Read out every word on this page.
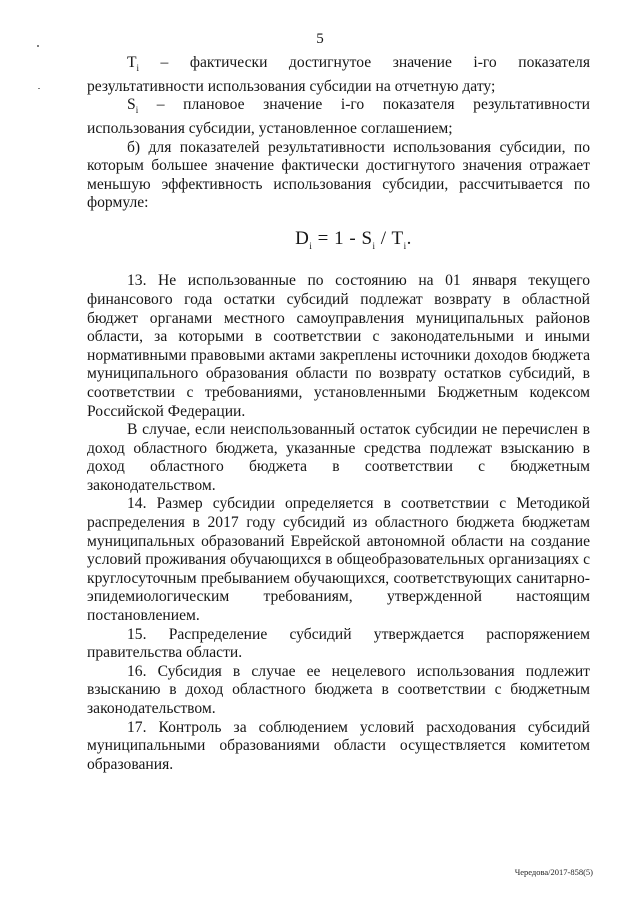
5

$T_i$ – фактически достигнутое значение i-го показателя результативности использования субсидии на отчетную дату;

$S_i$ – плановое значение i-го показателя результативности использования субсидии, установленное соглашением;

б) для показателей результативности использования субсидии, по которым большее значение фактически достигнутого значения отражает меньшую эффективность использования субсидии, рассчитывается по формуле:

$D_i = 1 - S_i / T_i$.

13. Не использованные по состоянию на 01 января текущего финансового года остатки субсидий подлежат возврату в областной бюджет органами местного самоуправления муниципальных районов области, за которыми в соответствии с законодательными и иными нормативными правовыми актами закреплены источники доходов бюджета муниципального образования области по возврату остатков субсидий, в соответствии с требованиями, установленными Бюджетным кодексом Российской Федерации.

В случае, если неиспользованный остаток субсидии не перечислен в доход областного бюджета, указанные средства подлежат взысканию в доход областного бюджета в соответствии с бюджетным законодательством.

14. Размер субсидии определяется в соответствии с Методикой распределения в 2017 году субсидий из областного бюджета бюджетам муниципальных образований Еврейской автономной области на создание условий проживания обучающихся в общеобразовательных организациях с круглосуточным пребыванием обучающихся, соответствующих санитарно-эпидемиологическим требованиям, утвержденной настоящим постановлением.

15. Распределение субсидий утверждается распоряжением правительства области.

16. Субсидия в случае ее нецелевого использования подлежит взысканию в доход областного бюджета в соответствии с бюджетным законодательством.

17. Контроль за соблюдением условий расходования субсидий муниципальными образованиями области осуществляется комитетом образования.

Чередова/2017-858(5)
